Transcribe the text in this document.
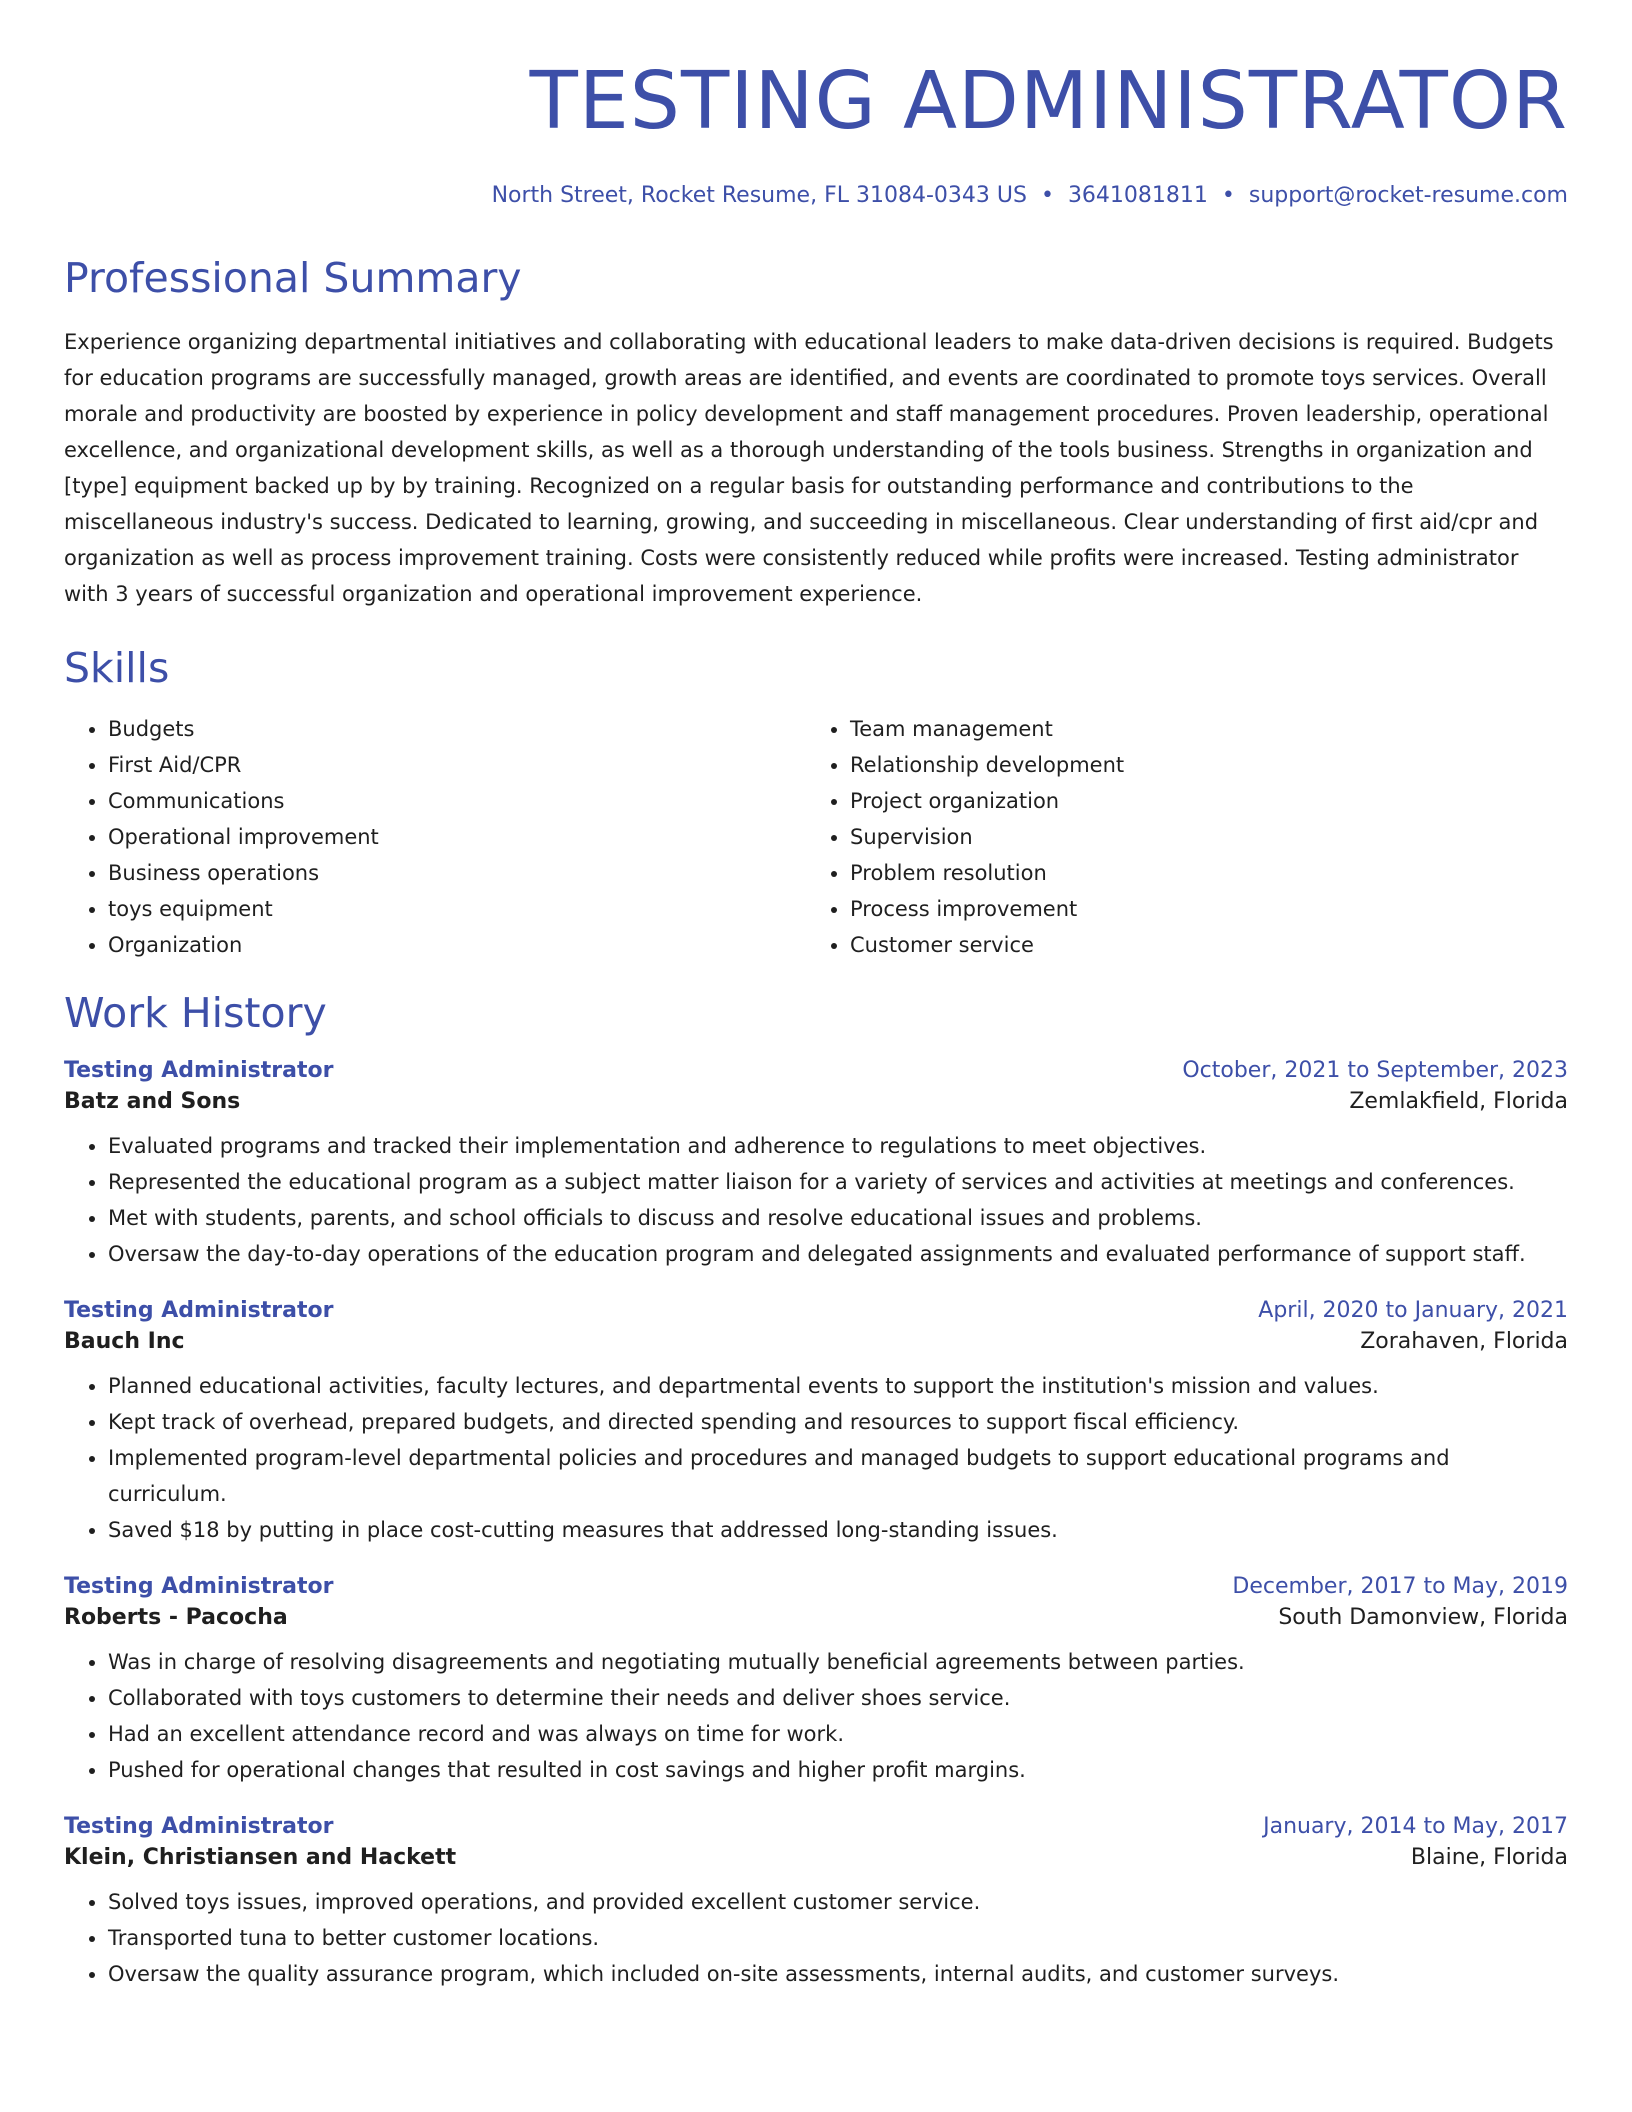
TESTING ADMINISTRATOR
North Street, Rocket Resume, FL 31084-0343 US • 3641081811 • support@rocket-resume.com
Professional Summary
Experience organizing departmental initiatives and collaborating with educational leaders to make data-driven decisions is required. Budgets for education programs are successfully managed, growth areas are identified, and events are coordinated to promote toys services. Overall morale and productivity are boosted by experience in policy development and staff management procedures. Proven leadership, operational excellence, and organizational development skills, as well as a thorough understanding of the tools business. Strengths in organization and [type] equipment backed up by by training. Recognized on a regular basis for outstanding performance and contributions to the miscellaneous industry's success. Dedicated to learning, growing, and succeeding in miscellaneous. Clear understanding of first aid/cpr and organization as well as process improvement training. Costs were consistently reduced while profits were increased. Testing administrator with 3 years of successful organization and operational improvement experience.
Skills
• Budgets
• First Aid/CPR
• Communications
• Operational improvement
• Business operations
• toys equipment
• Organization
• Team management
• Relationship development
• Project organization
• Supervision
• Problem resolution
• Process improvement
• Customer service
Work History
Testing Administrator	October, 2021 to September, 2023
Batz and Sons	Zemlakfield, Florida
• Evaluated programs and tracked their implementation and adherence to regulations to meet objectives.
• Represented the educational program as a subject matter liaison for a variety of services and activities at meetings and conferences.
• Met with students, parents, and school officials to discuss and resolve educational issues and problems.
• Oversaw the day-to-day operations of the education program and delegated assignments and evaluated performance of support staff.
Testing Administrator	April, 2020 to January, 2021
Bauch Inc	Zorahaven, Florida
• Planned educational activities, faculty lectures, and departmental events to support the institution's mission and values.
• Kept track of overhead, prepared budgets, and directed spending and resources to support fiscal efficiency.
• Implemented program-level departmental policies and procedures and managed budgets to support educational programs and curriculum.
• Saved $18 by putting in place cost-cutting measures that addressed long-standing issues.
Testing Administrator	December, 2017 to May, 2019
Roberts - Pacocha	South Damonview, Florida
• Was in charge of resolving disagreements and negotiating mutually beneficial agreements between parties.
• Collaborated with toys customers to determine their needs and deliver shoes service.
• Had an excellent attendance record and was always on time for work.
• Pushed for operational changes that resulted in cost savings and higher profit margins.
Testing Administrator	January, 2014 to May, 2017
Klein, Christiansen and Hackett	Blaine, Florida
• Solved toys issues, improved operations, and provided excellent customer service.
• Transported tuna to better customer locations.
• Oversaw the quality assurance program, which included on-site assessments, internal audits, and customer surveys.
